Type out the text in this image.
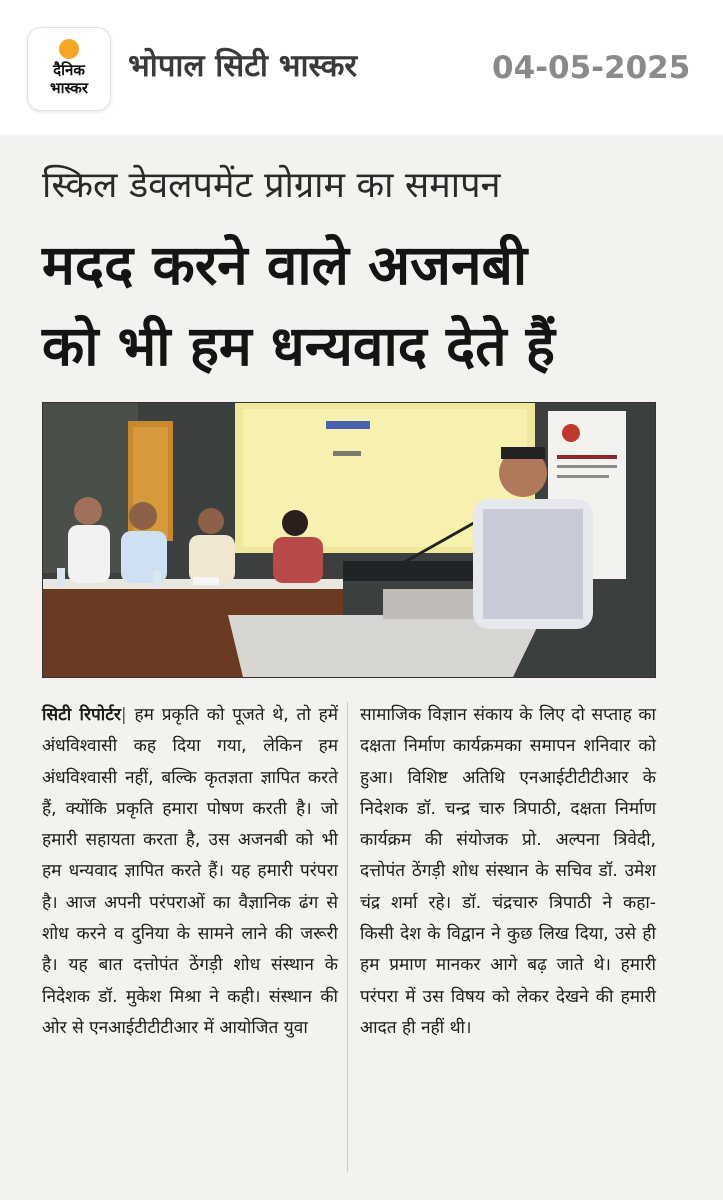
दैनिक
भास्कर
भोपाल सिटी भास्कर	04-05-2025
स्किल डेवलपमेंट प्रोग्राम का समापन
मदद करने वाले अजनबी
को भी हम धन्यवाद देते हैं
सिटी रिपोर्टर| हम प्रकृति को पूजते थे, तो हमें अंधविश्वासी कह दिया गया, लेकिन हम अंधविश्वासी नहीं, बल्कि कृतज्ञता ज्ञापित करते हैं, क्योंकि प्रकृति हमारा पोषण करती है। जो हमारी सहायता करता है, उस अजनबी को भी हम धन्यवाद ज्ञापित करते हैं। यह हमारी परंपरा है। आज अपनी परंपराओं का वैज्ञानिक ढंग से शोध करने व दुनिया के सामने लाने की जरूरी है। यह बात दत्तोपंत ठेंगड़ी शोध संस्थान के निदेशक डॉ. मुकेश मिश्रा ने कही। संस्थान की ओर से एनआईटीटीटीआर में आयोजित युवा
सामाजिक विज्ञान संकाय के लिए दो सप्ताह का दक्षता निर्माण कार्यक्रमका समापन शनिवार को हुआ। विशिष्ट अतिथि एनआईटीटीटीआर के निदेशक डॉ. चन्द्र चारु त्रिपाठी, दक्षता निर्माण कार्यक्रम की संयोजक प्रो. अल्पना त्रिवेदी, दत्तोपंत ठेंगड़ी शोध संस्थान के सचिव डॉ. उमेश चंद्र शर्मा रहे। डॉ. चंद्रचारु त्रिपाठी ने कहा- किसी देश के विद्वान ने कुछ लिख दिया, उसे ही हम प्रमाण मानकर आगे बढ़ जाते थे। हमारी परंपरा में उस विषय को लेकर देखने की हमारी आदत ही नहीं थी।
